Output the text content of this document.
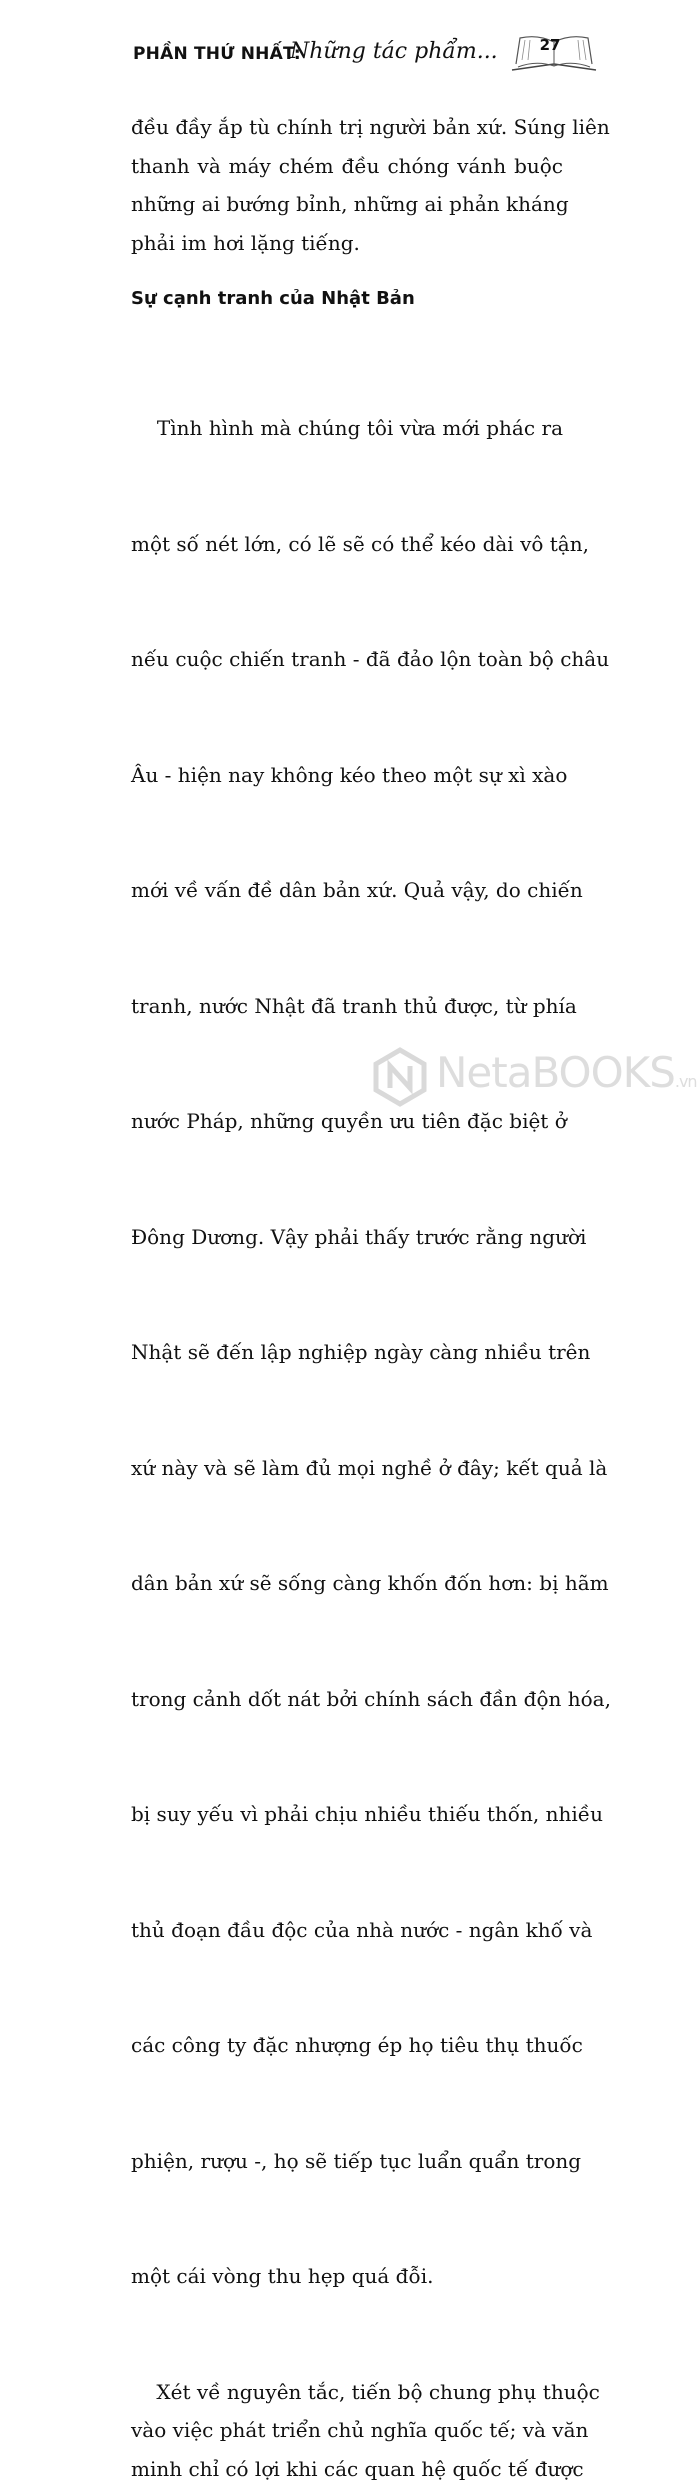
PHẦN THỨ NHẤT:
Những tác phẩm...	27

đều đầy ắp tù chính trị người bản xứ. Súng liên
thanh và máy chém đều chóng vánh buộc
những ai bướng bỉnh, những ai phản kháng
phải im hơi lặng tiếng.

Sự cạnh tranh của Nhật Bản

Tình hình mà chúng tôi vừa mới phác ra

một số nét lớn, có lẽ sẽ có thể kéo dài vô tận,

nếu cuộc chiến tranh - đã đảo lộn toàn bộ châu

Âu - hiện nay không kéo theo một sự xì xào

mới về vấn đề dân bản xứ. Quả vậy, do chiến

tranh, nước Nhật đã tranh thủ được, từ phía

nước Pháp, những quyền ưu tiên đặc biệt ở

Đông Dương. Vậy phải thấy trước rằng người

Nhật sẽ đến lập nghiệp ngày càng nhiều trên

xứ này và sẽ làm đủ mọi nghề ở đây; kết quả là

dân bản xứ sẽ sống càng khốn đốn hơn: bị hãm

trong cảnh dốt nát bởi chính sách đần độn hóa,

bị suy yếu vì phải chịu nhiều thiếu thốn, nhiều

thủ đoạn đầu độc của nhà nước - ngân khố và

các công ty đặc nhượng ép họ tiêu thụ thuốc

phiện, rượu -, họ sẽ tiếp tục luẩn quẩn trong

một cái vòng thu hẹp quá đỗi.

Xét về nguyên tắc, tiến bộ chung phụ thuộc
vào việc phát triển chủ nghĩa quốc tế; và văn
minh chỉ có lợi khi các quan hệ quốc tế được

NetaBOOKS.vn
